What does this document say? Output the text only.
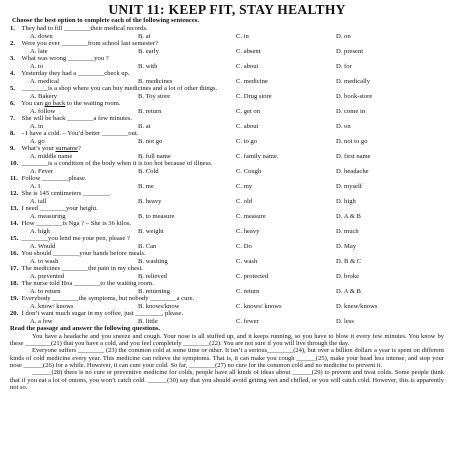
UNIT 11: KEEP FIT, STAY HEALTHY

Choose the best option to complete each of the following sentences.

1. They had to fill ________their medical records.

A. down	B. at	C. in	D. on

2. Were you ever ________from school last semester?

A. late	B. early	C. absent	D. present

3. What was wrong ________you ?

A. to	B. with	C. about	D. for

4. Yesterday they had a ________check up.

A. medical	B. medicines	C. medicine	D. medically

5. ________is a shop where you can buy medicines and a lot of other things.

A. Bakery	B. Toy store	C. Drug store	D. book-store

6. You can go back to the waiting room.

A. follow	B. return	C. get on	D. come in

7. She will be back ________a few minutes.

A. in	B. at	C. about	D. on

8. - I have a cold. – You’d better ________out.

A. go	B. not go	C. to go	D. not to go

9. What’s your surname?

A. middle name	B. full name	C. family name.	D. first name

10. ________is a condition of the body when it is too hot because of illness.

A. Fever	B. Cold	C. Cough	D. headache

11. Follow ________please.

A. I	B. me	C. my	D. myself

12. She is 145 centimeters ________.

A. tall	B. heavy	C. old	D. high

13. I need ________your height.

A. measuring	B. to measure	C. measure	D. A & B

14. How ________is Nga ? – She is 36 kilos.

A. high	B. weight	C. heavy	D. much

15. ________you lend me your pen, please ?

A. Would	B. Can	C. Do	D. May

16. You should ________your hands before meals.

A. to wash	B. washing	C. wash	D. B & C

17. The medicines ________the pain in my chest.

A. prevented	B. relieved	C. protected	D. broke

18. The nurse told Hoa ________to the waiting room.

A. to return	B. returning	C. return	D. A & B

19. Everybody ________the symptoms, but nobody ________a cure.

A. know/ knows	B. knows/know	C. knows/ knows	D. knew/knows

20. I don’t want much sugar in my coffee, just ________, please.

A. a few	B. little	C. fewer	D. less

Read the passage and answer the following questions.

You have a headache and you sneeze and cough. Your nose is all stuffed up, and it keeps running, so you have to blow it every few minutes. You know by these ________(21) that you have a cold, and you feel completely ________(22). You are not sure if you will live through the day.

Everyone suffers ________ (23) the common cold at some time or other. It isn’t a serious________(24), but over a billion dollars a year is spent on different kinds of cold medicine every year. This medicine can relieve the symptoms. That is, it can make you cough ______(25), make your head less intense, and stop your nose ______(26) for a while. However, it can cure your cold. So far, ________(27) no cure for the common cold and no medicine to prevent it.

______(28) there is no cure or preventive medicine for colds, people have all kinds of ideas about ______(29) to prevent and treat colds. Some people think that if you eat a lot of onions, you won’t catch cold. ______(30) say that you should avoid getting wet and chilled, or you will catch cold. However, this is apparently not so.
